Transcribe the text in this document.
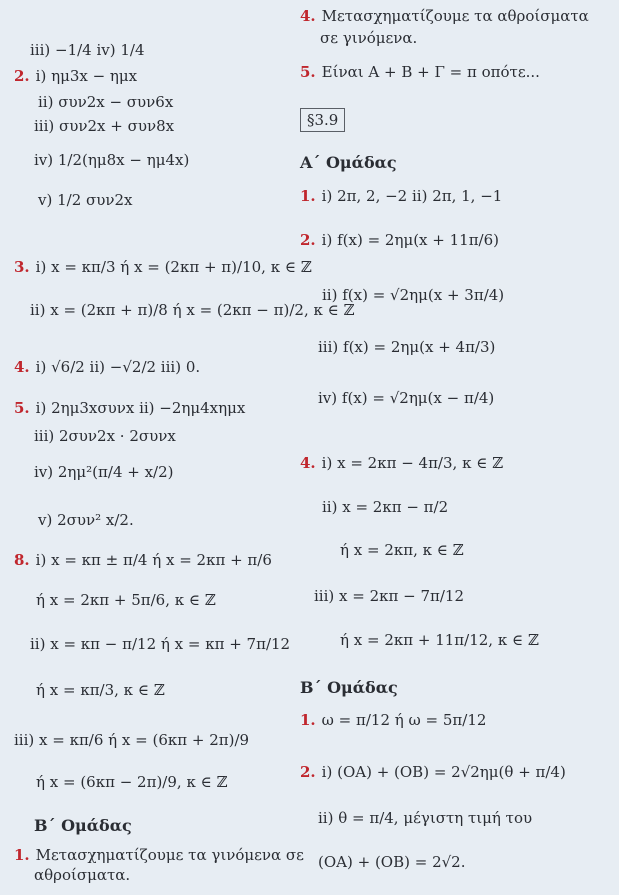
iii) −1/4 iv) 1/4
2. i) ημ3x − ημx
ii) συν2x − συν6x
iii) συν2x + συν8x
iv) 1/2(ημ8x − ημ4x)
v) 1/2 συν2x
3. i) x = κπ/3 ή x = (2κπ + π)/10, κ ∈ ℤ
ii) x = (2κπ + π)/8 ή x = (2κπ − π)/2, κ ∈ ℤ
4. i) √6/2 ii) −√2/2 iii) 0.
5. i) 2ημ3xσυνx ii) −2ημ4xημx
iii) 2συν2x · 2συνx
iv) 2ημ²(π/4 + x/2)
v) 2συν² x/2.
8. i) x = κπ ± π/4 ή x = 2κπ + π/6
ή x = 2κπ + 5π/6, κ ∈ ℤ
ii) x = κπ − π/12 ή x = κπ + 7π/12
ή x = κπ/3, κ ∈ ℤ
iii) x = κπ/6 ή x = (6κπ + 2π)/9
ή x = (6κπ − 2π)/9, κ ∈ ℤ
Β΄ Ομάδας
1. Μετασχηματίζουμε τα γινόμενα σε
αθροίσματα.
4. Μετασχηματίζουμε τα αθροίσματα
σε γινόμενα.
5. Είναι Α + Β + Γ = π οπότε...
§3.9
Α΄ Ομάδας
1. i) 2π, 2, −2 ii) 2π, 1, −1
2. i) f(x) = 2ημ(x + 11π/6)
ii) f(x) = √2ημ(x + 3π/4)
iii) f(x) = 2ημ(x + 4π/3)
iv) f(x) = √2ημ(x − π/4)
4. i) x = 2κπ − 4π/3, κ ∈ ℤ
ii) x = 2κπ − π/2
ή x = 2κπ, κ ∈ ℤ
iii) x = 2κπ − 7π/12
ή x = 2κπ + 11π/12, κ ∈ ℤ
Β΄ Ομάδας
1. ω = π/12 ή ω = 5π/12
2. i) (ΟΑ) + (ΟΒ) = 2√2ημ(θ + π/4)
ii) θ = π/4, μέγιστη τιμή του
(ΟΑ) + (ΟΒ) = 2√2.
